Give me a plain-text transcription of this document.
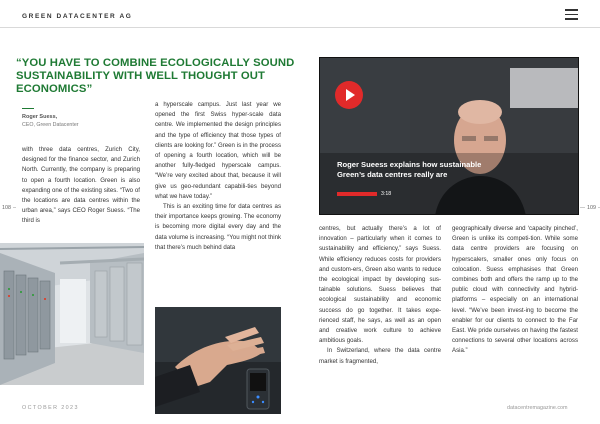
GREEN DATACENTER AG
“YOU HAVE TO COMBINE ECOLOGICALLY SOUND SUSTAINABILITY WITH WELL THOUGHT OUT ECONOMICS”
Roger Suess,
CEO, Green Datacenter

with three data centres, Zurich City, designed for the finance sector, and Zurich North. Currently, the company is preparing to open a fourth location. Green is also expanding one of the existing sites. “Two of the locations are data centres within the urban area,” says CEO Roger Suess. “The third is

a hyperscale campus. Just last year we opened the first Swiss hyper-scale data centre. We implemented the design principles and the type of efficiency that those types of clients are looking for.” Green is in the process of opening a fourth location, which will be another fully-fledged hyperscale campus. “We’re very excited about that, because it will give us geo-redundant capabili-ties beyond what we have today.”

This is an exciting time for data centres as their importance keeps growing. The economy is becoming more digital every day and the data volume is increasing. “You might not think that there’s much behind data

centres, but actually there’s a lot of innovation – particularly when it comes to sustainability and efficiency,” says Suess. While efficiency reduces costs for providers and custom-ers, Green also wants to reduce the ecological impact by developing sus-tainable solutions. Suess believes that ecological sustainability and economic success do go together. It takes expe-rienced staff, he says, as well as an open and creative work culture to achieve ambitious goals.

In Switzerland, where the data centre market is fragmented,

geographically diverse and ‘capacity pinched’, Green is unlike its competi-tion. While some data centre providers are focusing on hyperscalers, smaller ones only focus on colocation. Suess emphasises that Green combines both and offers the ramp up to the public cloud with connectivity and hybrid-platforms – especially on an international level. “We’ve been invest-ing to become the enabler for our clients to connect to the Far East. We pride ourselves on having the fastest connections to several other locations across Asia.”

108	109
Roger Sueess explains how sustainable Green’s data centres really are
3:18
OCTOBER 2023	datacentremagazine.com
